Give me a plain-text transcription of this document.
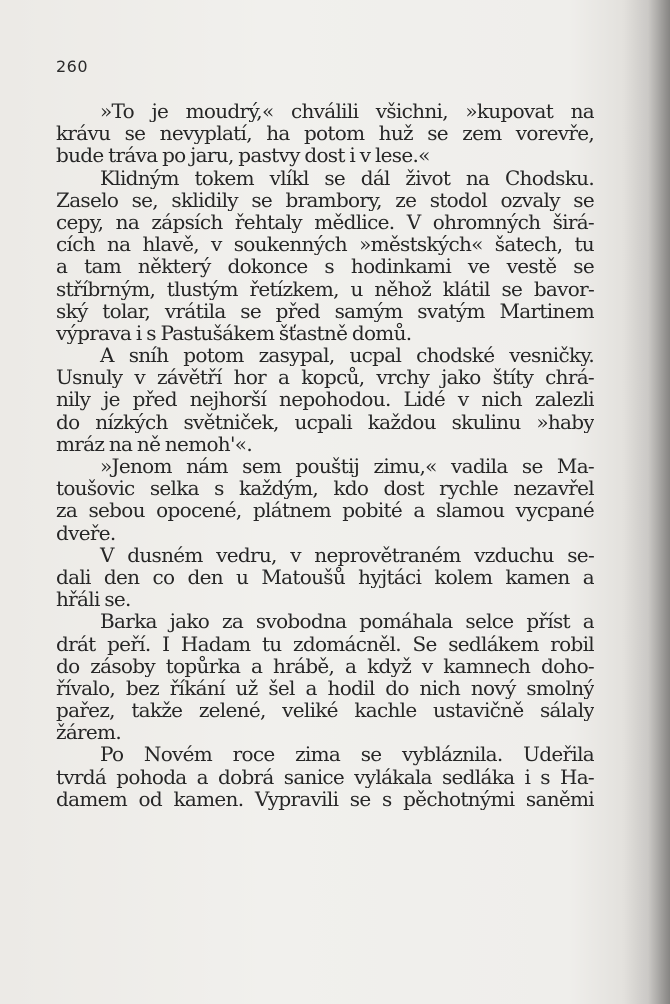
260
»To je moudrý,« chválili všichni, »kupovat na
krávu se nevyplatí, ha potom huž se zem vorevře,
bude tráva po jaru, pastvy dost i v lese.«
Klidným tokem vlíkl se dál život na Chodsku.
Zaselo se, sklidily se brambory, ze stodol ozvaly se
cepy, na zápsích řehtaly mědlice. V ohromných širá-
cích na hlavě, v soukenných »městských« šatech, tu
a tam některý dokonce s hodinkami ve vestě se
stříbrným, tlustým řetízkem, u něhož klátil se bavor-
ský tolar, vrátila se před samým svatým Martinem
výprava i s Pastušákem šťastně domů.
A sníh potom zasypal, ucpal chodské vesničky.
Usnuly v závětří hor a kopců, vrchy jako štíty chrá-
nily je před nejhorší nepohodou. Lidé v nich zalezli
do nízkých světniček, ucpali každou skulinu »haby
mráz na ně nemoh'«.
»Jenom nám sem pouštij zimu,« vadila se Ma-
toušovic selka s každým, kdo dost rychle nezavřel
za sebou opocené, plátnem pobité a slamou vycpané
dveře.
V dusném vedru, v neprovětraném vzduchu se-
dali den co den u Matoušů hyjtáci kolem kamen a
hřáli se.
Barka jako za svobodna pomáhala selce příst a
drát peří. I Hadam tu zdomácněl. Se sedlákem robil
do zásoby topůrka a hrábě, a když v kamnech doho-
řívalo, bez říkání už šel a hodil do nich nový smolný
pařez, takže zelené, veliké kachle ustavičně sálaly
žárem.
Po Novém roce zima se vybláznila. Udeřila
tvrdá pohoda a dobrá sanice vylákala sedláka i s Ha-
damem od kamen. Vypravili se s pěchotnými saněmi
